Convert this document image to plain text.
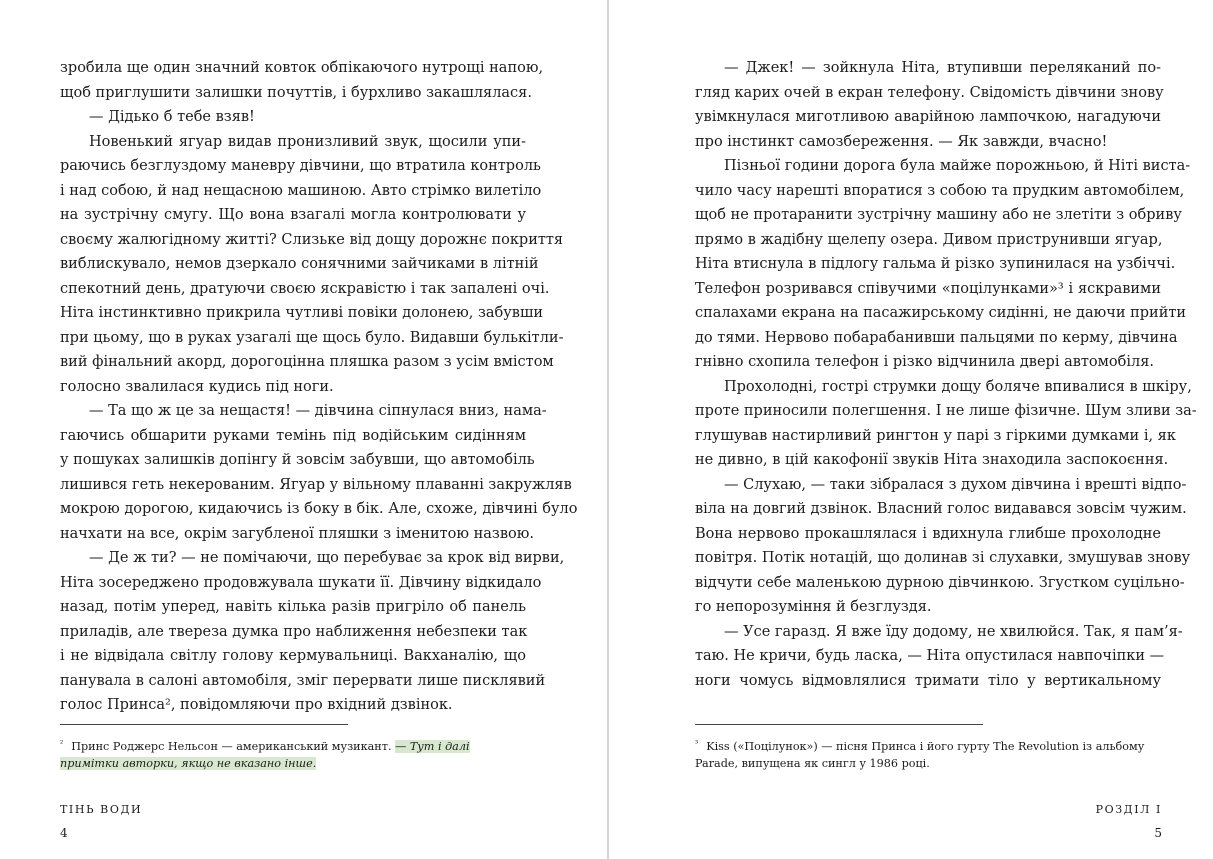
зробила ще один значний ковток обпікаючого нутрощі напою,
щоб приглушити залишки почуттів, і бурхливо закашлялася.
— Дідько б тебе взяв!
Новенький ягуар видав пронизливий звук, щосили упи-
раючись безглуздому маневру дівчини, що втратила контроль
і над собою, й над нещасною машиною. Авто стрімко вилетіло
на зустрічну смугу. Що вона взагалі могла контролювати у
своєму жалюгідному житті? Слизьке від дощу дорожнє покриття
виблискувало, немов дзеркало сонячними зайчиками в літній
спекотний день, дратуючи своєю яскравістю і так запалені очі.
Ніта інстинктивно прикрила чутливі повіки долонею, забувши
при цьому, що в руках узагалі ще щось було. Видавши булькітли-
вий фінальний акорд, дорогоцінна пляшка разом з усім вмістом
голосно звалилася кудись під ноги.
— Та що ж це за нещастя! — дівчина сіпнулася вниз, нама-
гаючись обшарити руками темінь під водійським сидінням
у пошуках залишків допінгу й зовсім забувши, що автомобіль
лишився геть некерованим. Ягуар у вільному плаванні закружляв
мокрою дорогою, кидаючись із боку в бік. Але, схоже, дівчині було
начхати на все, окрім загубленої пляшки з іменитою назвою.
— Де ж ти? — не помічаючи, що перебуває за крок від вирви,
Ніта зосереджено продовжувала шукати її. Дівчину відкидало
назад, потім уперед, навіть кілька разів пригріло об панель
приладів, але твереза думка про наближення небезпеки так
і не відвідала світлу голову кермувальниці. Вакханалію, що
панувала в салоні автомобіля, зміг перервати лише писклявий
голос Принса², повідомляючи про вхідний дзвінок.
$^{^2}$ Принс Роджерс Нельсон — американський музикант. — Тут і далі примітки авторки, якщо не вказано інше.
ТІНЬ ВОДИ
4
— Джек! — зойкнула Ніта, втупивши переляканий по-
гляд карих очей в екран телефону. Свідомість дівчини знову
увімкнулася миготливою аварійною лампочкою, нагадуючи
про інстинкт самозбереження. — Як завжди, вчасно!
Пізньої години дорога була майже порожньою, й Ніті виста-
чило часу нарешті впоратися з собою та прудким автомобілем,
щоб не протаранити зустрічну машину або не злетіти з обриву
прямо в жадібну щелепу озера. Дивом приструнивши ягуар,
Ніта втиснула в підлогу гальма й різко зупинилася на узбіччі.
Телефон розривався співучими «поцілунками»³ і яскравими
спалахами екрана на пасажирському сидінні, не даючи прийти
до тями. Нервово побарабанивши пальцями по керму, дівчина
гнівно схопила телефон і різко відчинила двері автомобіля.
Прохолодні, гострі струмки дощу боляче впивалися в шкіру,
проте приносили полегшення. І не лише фізичне. Шум зливи за-
глушував настирливий рингтон у парі з гіркими думками і, як
не дивно, в цій какофонії звуків Ніта знаходила заспокоєння.
— Слухаю, — таки зібралася з духом дівчина і врешті відпо-
віла на довгий дзвінок. Власний голос видавався зовсім чужим.
Вона нервово прокашлялася і вдихнула глибше прохолодне
повітря. Потік нотацій, що долинав зі слухавки, змушував знову
відчути себе маленькою дурною дівчинкою. Згустком суцільно-
го непорозуміння й безглуздя.
— Усе гаразд. Я вже їду додому, не хвилюйся. Так, я пам’я-
таю. Не кричи, будь ласка, — Ніта опустилася навпочіпки —
ноги чомусь відмовлялися тримати тіло у вертикальному
$^{^3}$ Kiss («Поцілунок») — пісня Принса і його гурту The Revolution із альбому Parade, випущена як сингл у 1986 році.
РОЗДІЛ І
5
